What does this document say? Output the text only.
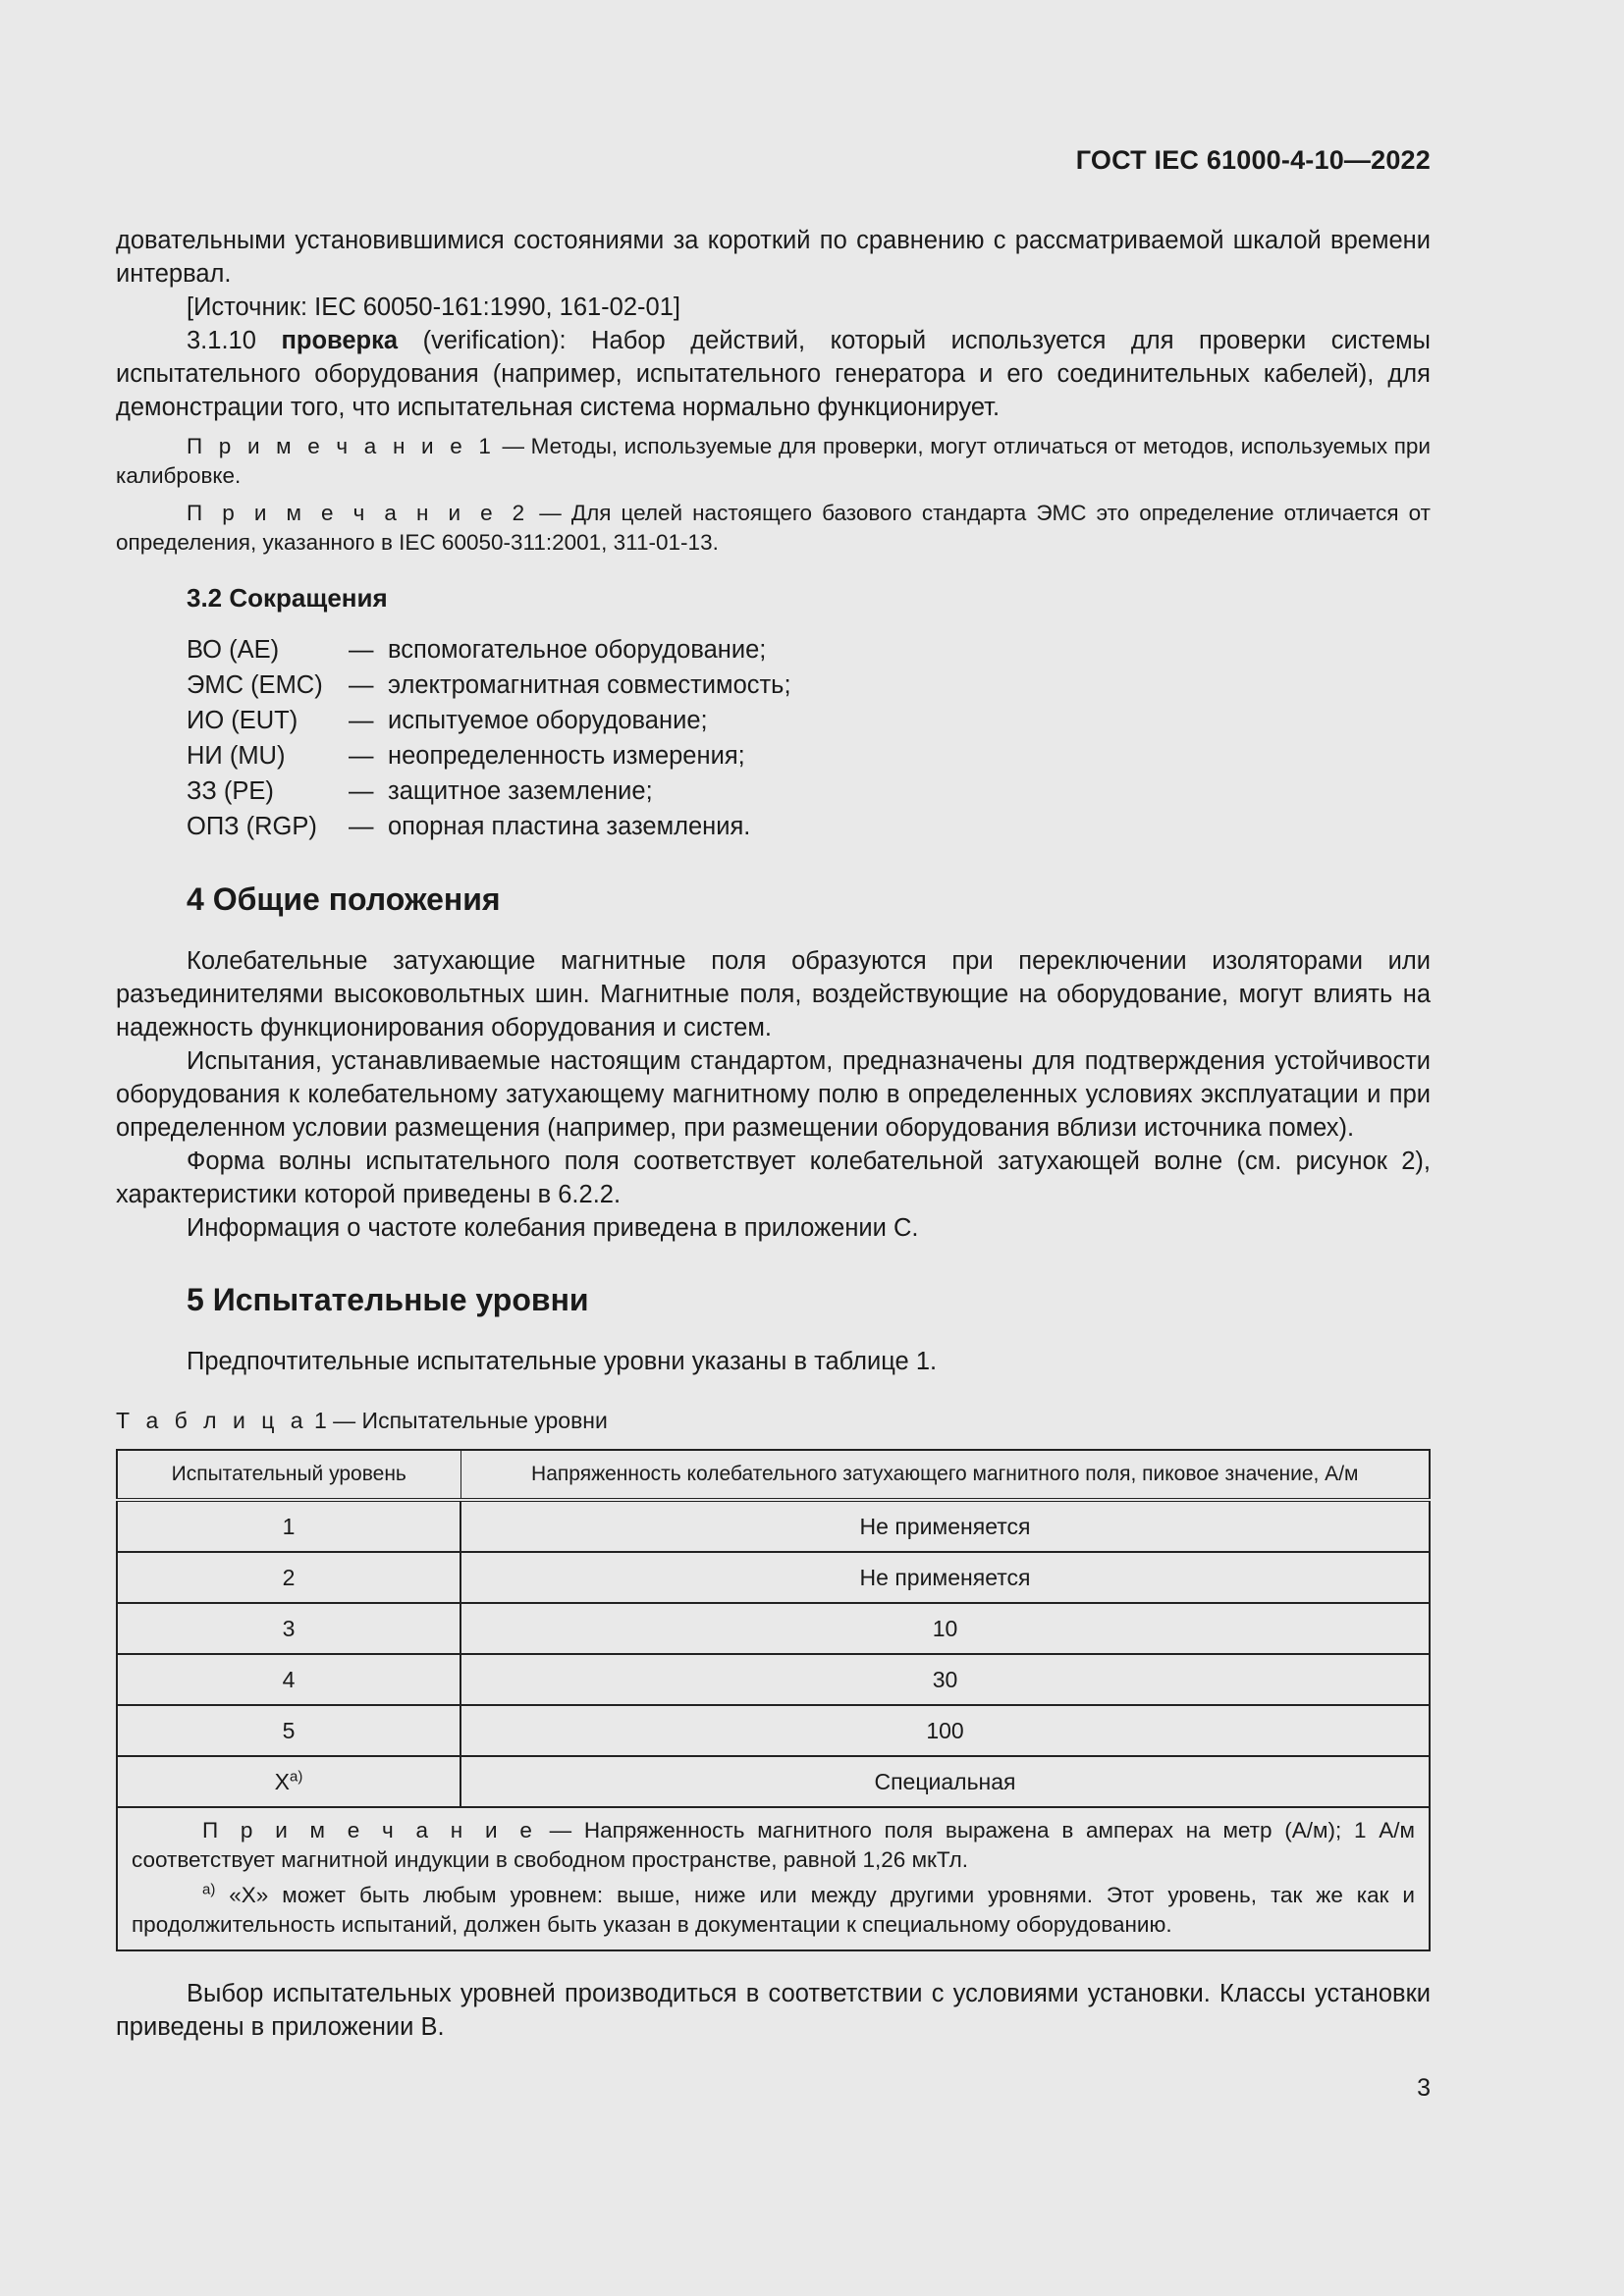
ГОСТ IEC 61000-4-10—2022

довательными установившимися состояниями за короткий по сравнению с рассматриваемой шкалой времени интервал.

[Источник: IEC 60050-161:1990, 161-02-01]

3.1.10 проверка (verification): Набор действий, который используется для проверки системы испытательного оборудования (например, испытательного генератора и его соединительных кабелей), для демонстрации того, что испытательная система нормально функционирует.

П р и м е ч а н и е 1 — Методы, используемые для проверки, могут отличаться от методов, используемых при калибровке.

П р и м е ч а н и е 2 — Для целей настоящего базового стандарта ЭМС это определение отличается от определения, указанного в IEC 60050-311:2001, 311-01-13.

3.2 Сокращения
ВО (AE)	— вспомогательное оборудование;
ЭМС (EMC)	— электромагнитная совместимость;
ИО (EUT)	— испытуемое оборудование;
НИ (MU)	— неопределенность измерения;
ЗЗ (PE)	— защитное заземление;
ОПЗ (RGP)	— опорная пластина заземления.
4 Общие положения

Колебательные затухающие магнитные поля образуются при переключении изоляторами или разъединителями высоковольтных шин. Магнитные поля, воздействующие на оборудование, могут влиять на надежность функционирования оборудования и систем.

Испытания, устанавливаемые настоящим стандартом, предназначены для подтверждения устойчивости оборудования к колебательному затухающему магнитному полю в определенных условиях эксплуатации и при определенном условии размещения (например, при размещении оборудования вблизи источника помех).

Форма волны испытательного поля соответствует колебательной затухающей волне (см. рисунок 2), характеристики которой приведены в 6.2.2.

Информация о частоте колебания приведена в приложении С.

5 Испытательные уровни

Предпочтительные испытательные уровни указаны в таблице 1.

Т а б л и ц а 1 — Испытательные уровни
Испытательный уровень	Напряженность колебательного затухающего магнитного поля, пиковое значение, А/м
1	Не применяется
2	Не применяется
3	10
4	30
5	100
$X^{а)}$	Специальная

П р и м е ч а н и е — Напряженность магнитного поля выражена в амперах на метр (А/м); 1 А/м соответствует магнитной индукции в свободном пространстве, равной 1,26 мкТл.

$^{а)}$ «X» может быть любым уровнем: выше, ниже или между другими уровнями. Этот уровень, так же как и продолжительность испытаний, должен быть указан в документации к специальному оборудованию.	

Выбор испытательных уровней производиться в соответствии с условиями установки. Классы установки приведены в приложении В.

3
